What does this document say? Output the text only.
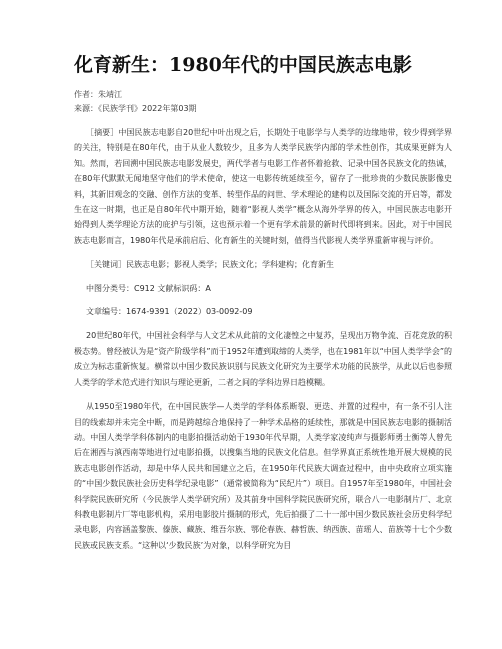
化育新生：1980年代的中国民族志电影
作者：朱靖江
来源：《民族学刊》2022年第03期

［摘要］中国民族志电影自20世纪中叶出现之后，长期处于电影学与人类学的边缘地带，较少得到学界的关注，特别是在80年代，由于从业人数较少，且多为人类学民族学内部的学术性创作，其成果更鲜为人知。然而，若回溯中国民族志电影发展史，两代学者与电影工作者怀着抢救、记录中国各民族文化的热诚，在80年代默默无闻地坚守他们的学术使命，使这一电影传统延续至今，留存了一批珍贵的少数民族影像史料，其新旧观念的交融、创作方法的变革、转型作品的问世、学术理论的建构以及国际交流的开启等，都发生在这一时期，也正是自80年代中期开始，随着“影视人类学”概念从海外学界的传入，中国民族志电影开始得到人类学理论方法的庇护与引领，这也预示着一个更有学术前景的新时代即将到来。因此，对于中国民族志电影而言，1980年代是承前启后、化育新生的关键时刻，值得当代影视人类学界重新审视与评价。

［关键词］民族志电影；影视人类学；民族文化；学科建构；化育新生

中图分类号：C912 文献标识码：A

文章编号：1674-9391（2022）03-0092-09

20世纪80年代，中国社会科学与人文艺术从此前的文化凄惶之中复苏，呈现出万物争流、百花竞放的积极态势。曾经被认为是“资产阶级学科”而于1952年遭到取缔的人类学，也在1981年以“中国人类学学会”的成立为标志重新恢复。横常以中国少数民族识别与民族文化研究为主要学术功能的民族学，从此以后也参照人类学的学术范式进行知识与理论更新，二者之间的学科边界日趋模糊。

从1950至1980年代，在中国民族学—人类学的学科体系断裂、更迭、并置的过程中，有一条不引人注目的线索却并未完全中断，而是跨越综合地保持了一种学术品格的延续性，那就是中国民族志电影的摄制活动。中国人类学学科体制内的电影拍摄活动始于1930年代早期，人类学家凌纯声与摄影师勇士衡等人曾先后在湘西与滇西南等地进行过电影拍摄，以搜集当地的民族文化信息。但学界真正系统性地开展大规模的民族志电影创作活动，却是中华人民共和国建立之后，在1950年代民族大调查过程中，由中央政府立项实施的“中国少数民族社会历史科学纪录电影”（通常被简称为“民纪片”）项目。自1957年至1980年，中国社会科学院民族研究所（今民族学人类学研究所）及其前身中国科学院民族研究所，联合八一电影制片厂、北京科教电影制片厂等电影机构，采用电影胶片摄制的形式，先后拍摄了二十一部中国少数民族社会历史科学纪录电影，内容涵盖黎族、傣族、藏族、维吾尔族、鄂伦春族、赫哲族、纳西族、苗瑶人、苗族等十七个少数民族或民族支系。“这种以‘少数民族’为对象，以科学研究为目
